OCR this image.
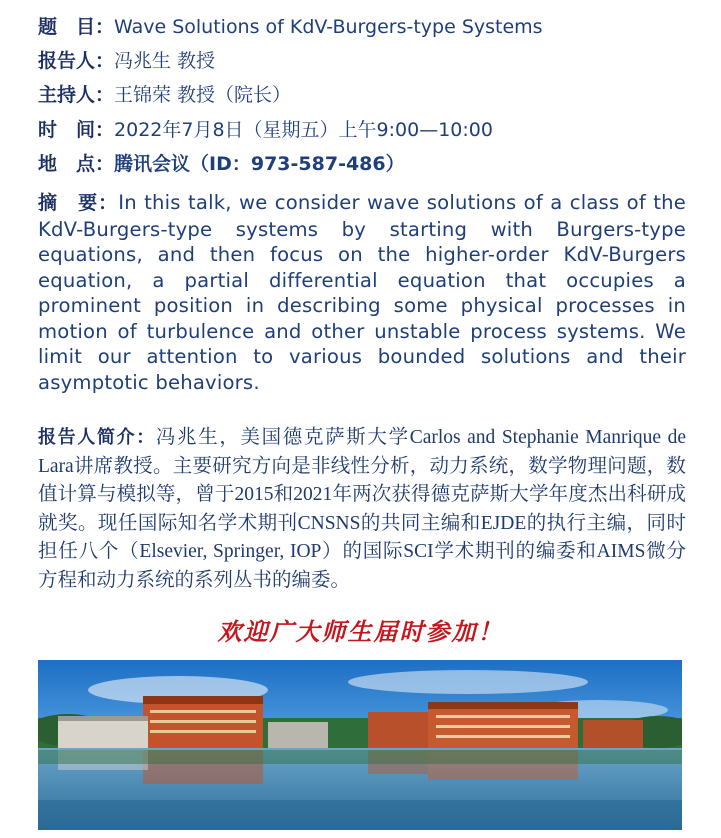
题　目：Wave Solutions of KdV-Burgers-type Systems
报告人：冯兆生 教授
主持人：王锦荣 教授（院长）
时　间：2022年7月8日（星期五）上午9:00—10:00
地　点：腾讯会议（ID：973-587-486）
摘　要：In this talk, we consider wave solutions of a class of the KdV-Burgers-type systems by starting with Burgers-type equations, and then focus on the higher-order KdV-Burgers equation, a partial differential equation that occupies a prominent position in describing some physical processes in motion of turbulence and other unstable process systems. We limit our attention to various bounded solutions and their asymptotic behaviors.
报告人简介：冯兆生，美国德克萨斯大学Carlos and Stephanie Manrique de Lara讲席教授。主要研究方向是非线性分析，动力系统，数学物理问题，数值计算与模拟等，曾于2015和2021年两次获得德克萨斯大学年度杰出科研成就奖。现任国际知名学术期刊CNSNS的共同主编和EJDE的执行主编，同时担任八个（Elsevier, Springer, IOP）的国际SCI学术期刊的编委和AIMS微分方程和动力系统的系列丛书的编委。
欢迎广大师生届时参加！
